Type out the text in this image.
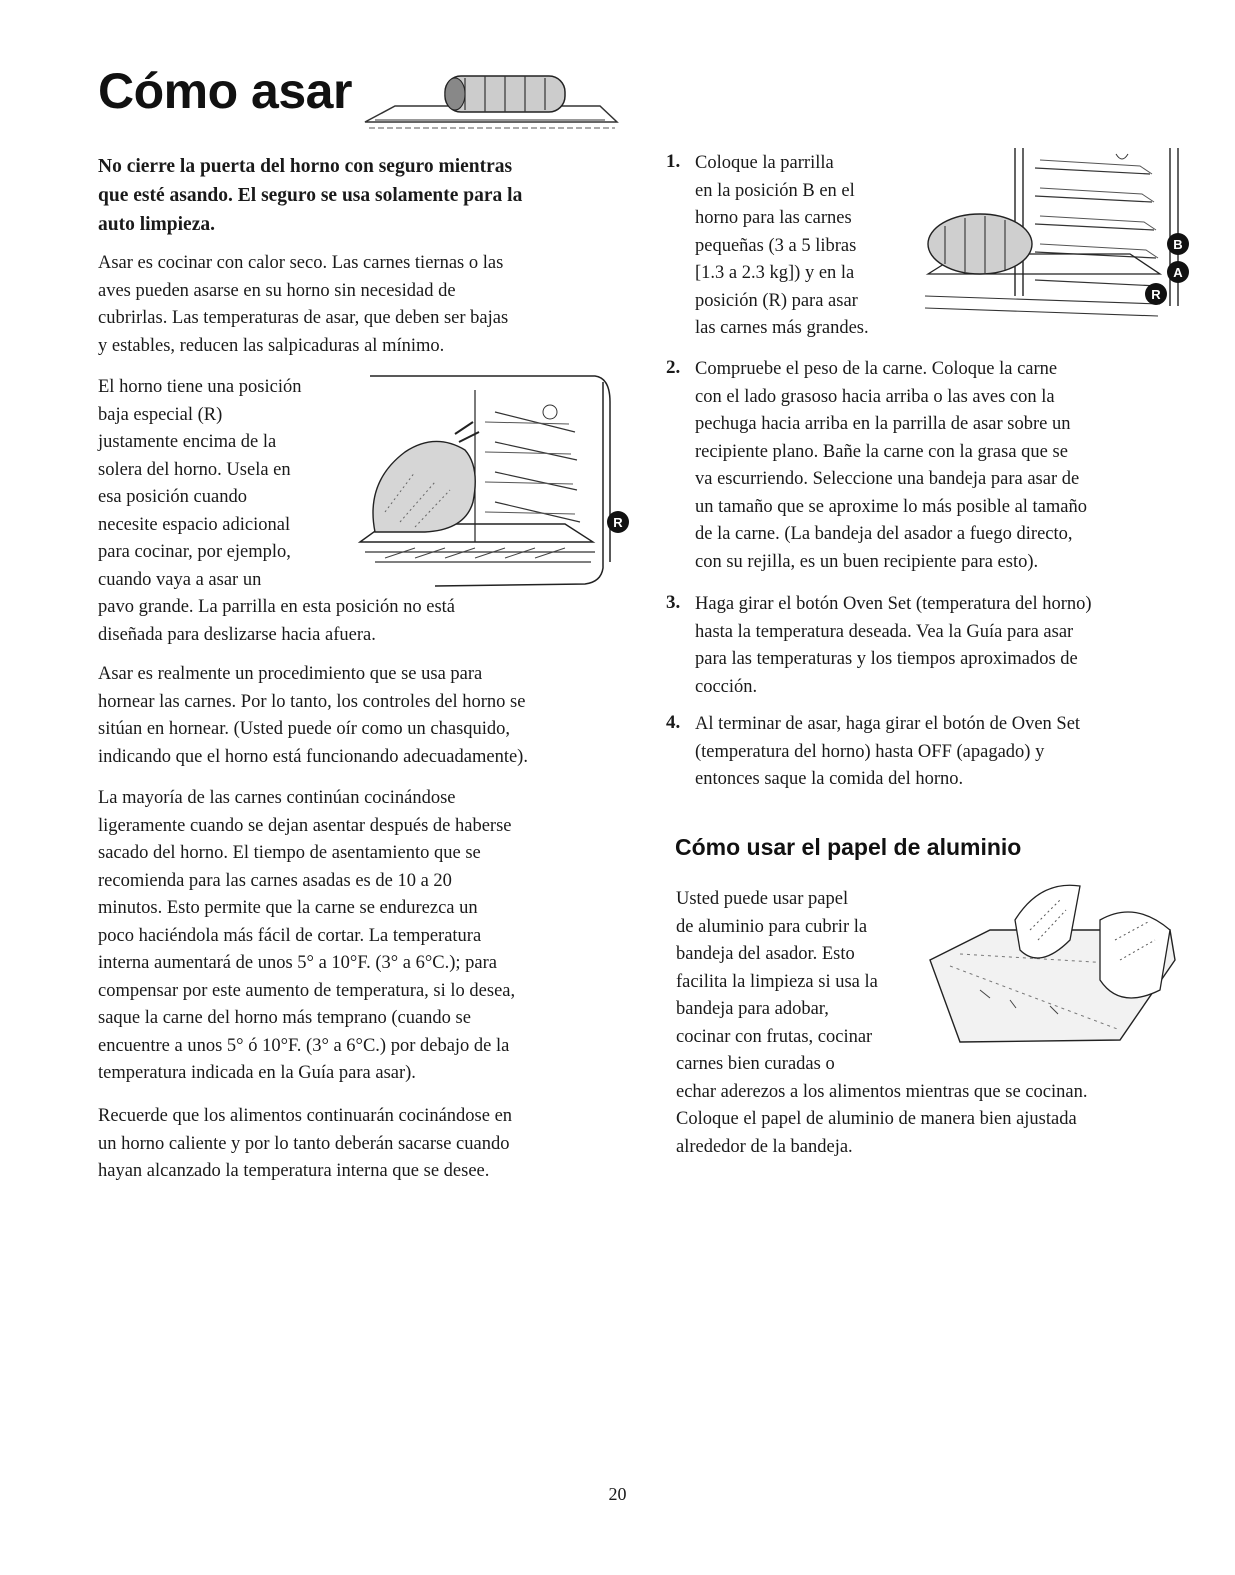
Cómo asar
No cierre la puerta del horno con seguro mientras
que esté asando. El seguro se usa solamente para la
auto limpieza.

Asar es cocinar con calor seco. Las carnes tiernas o las
aves pueden asarse en su horno sin necesidad de
cubrirlas. Las temperaturas de asar, que deben ser bajas
y estables, reducen las salpicaduras al mínimo.

El horno tiene una posición
baja especial (R)
justamente encima de la
solera del horno. Usela en
esa posición cuando
necesite espacio adicional
para cocinar, por ejemplo,
cuando vaya a asar un
pavo grande. La parrilla en esta posición no está
diseñada para deslizarse hacia afuera.

R

Asar es realmente un procedimiento que se usa para
hornear las carnes. Por lo tanto, los controles del horno se
sitúan en hornear. (Usted puede oír como un chasquido,
indicando que el horno está funcionando adecuadamente).

La mayoría de las carnes continúan cocinándose
ligeramente cuando se dejan asentar después de haberse
sacado del horno. El tiempo de asentamiento que se
recomienda para las carnes asadas es de 10 a 20
minutos. Esto permite que la carne se endurezca un
poco haciéndola más fácil de cortar. La temperatura
interna aumentará de unos 5° a 10°F. (3° a 6°C.); para
compensar por este aumento de temperatura, si lo desea,
saque la carne del horno más temprano (cuando se
encuentre a unos 5° ó 10°F. (3° a 6°C.) por debajo de la
temperatura indicada en la Guía para asar).

Recuerde que los alimentos continuarán cocinándose en
un horno caliente y por lo tanto deberán sacarse cuando
hayan alcanzado la temperatura interna que se desee.

1. Coloque la parrilla
en la posición B en el
horno para las carnes
pequeñas (3 a 5 libras
[1.3 a 2.3 kg]) y en la
posición (R) para asar
las carnes más grandes.
B
A
R
2. Compruebe el peso de la carne. Coloque la carne
con el lado grasoso hacia arriba o las aves con la
pechuga hacia arriba en la parrilla de asar sobre un
recipiente plano. Bañe la carne con la grasa que se
va escurriendo. Seleccione una bandeja para asar de
un tamaño que se aproxime lo más posible al tamaño
de la carne. (La bandeja del asador a fuego directo,
con su rejilla, es un buen recipiente para esto).
3. Haga girar el botón Oven Set (temperatura del horno)
hasta la temperatura deseada. Vea la Guía para asar
para las temperaturas y los tiempos aproximados de
cocción.
4. Al terminar de asar, haga girar el botón de Oven Set
(temperatura del horno) hasta OFF (apagado) y
entonces saque la comida del horno.
Cómo usar el papel de aluminio

Usted puede usar papel
de aluminio para cubrir la
bandeja del asador. Esto
facilita la limpieza si usa la
bandeja para adobar,
cocinar con frutas, cocinar
carnes bien curadas o
echar aderezos a los alimentos mientras que se cocinan.
Coloque el papel de aluminio de manera bien ajustada
alrededor de la bandeja.

20
